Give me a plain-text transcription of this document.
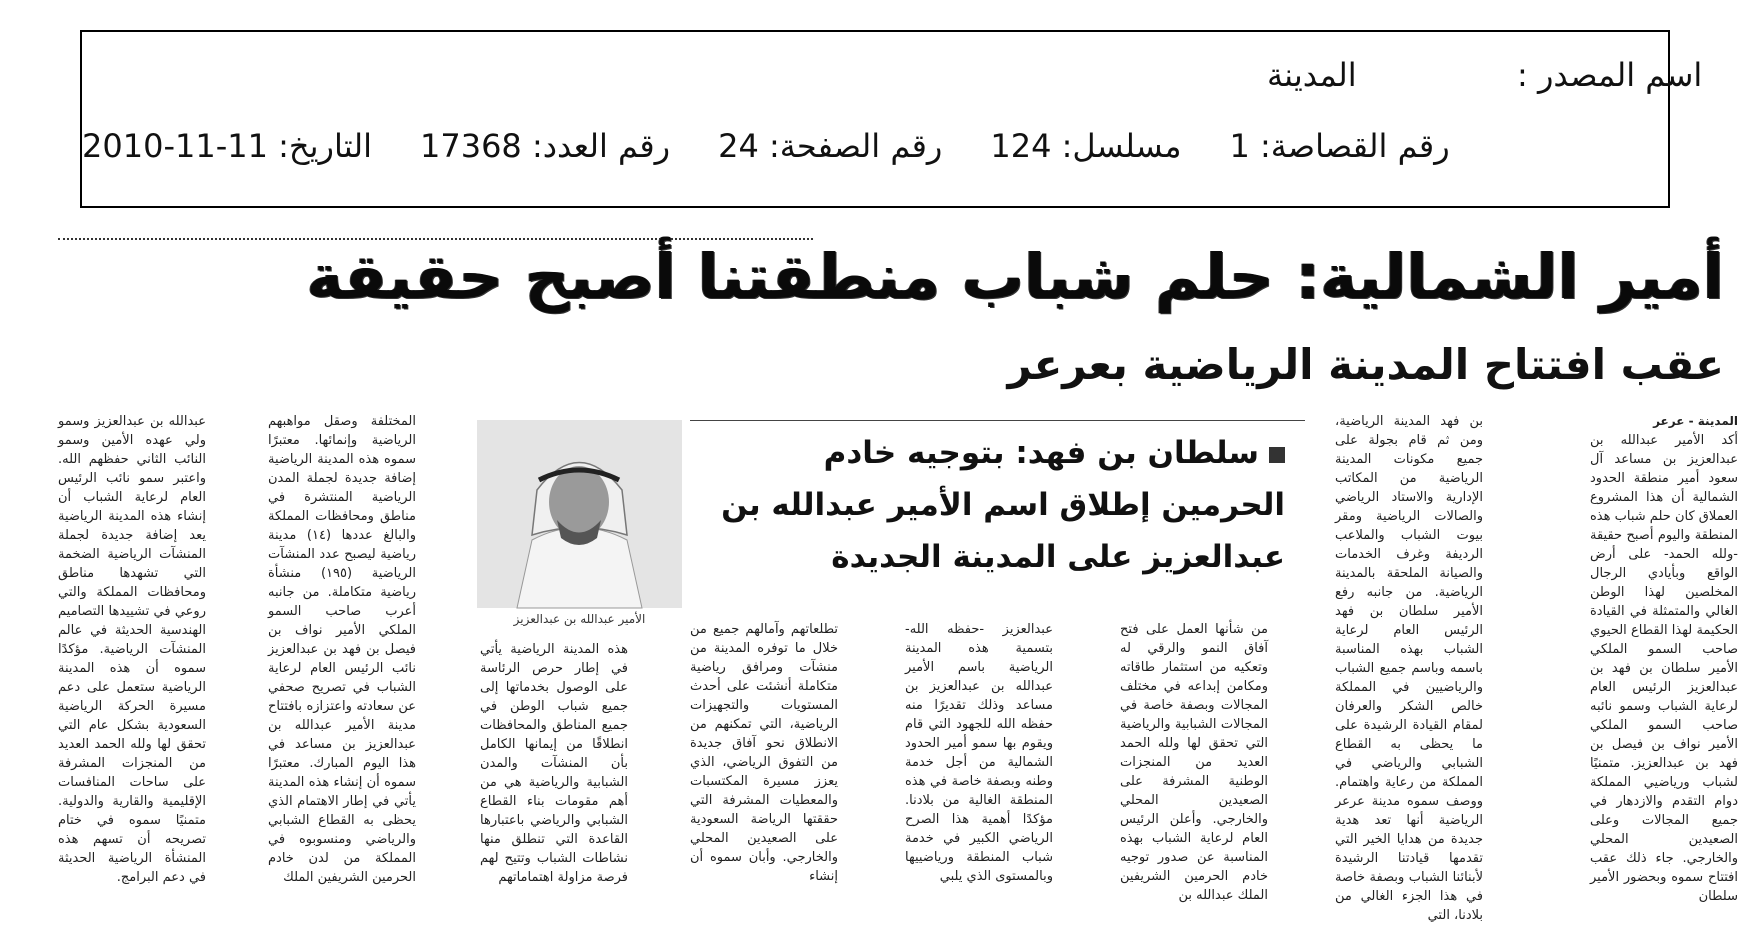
اسم المصدر :
المدينة
التاريخ: 11-11-2010 رقم العدد: 17368 رقم الصفحة: 24 مسلسل: 124 رقم القصاصة: 1
أمير الشمالية: حلم شباب منطقتنا أصبح حقيقة
عقب افتتاح المدينة الرياضية بعرعر

المدينة - عرعر

أكد الأمير عبدالله بن عبدالعزيز بن مساعد آل سعود أمير منطقة الحدود الشمالية أن هذا المشروع العملاق كان حلم شباب هذه المنطقة واليوم أصبح حقيقة -ولله الحمد- على أرض الواقع وبأيادي الرجال المخلصين لهذا الوطن الغالي والمتمثلة في القيادة الحكيمة لهذا القطاع الحيوي صاحب السمو الملكي الأمير سلطان بن فهد بن عبدالعزيز الرئيس العام لرعاية الشباب وسمو نائبه صاحب السمو الملكي الأمير نواف بن فيصل بن فهد بن عبدالعزيز. متمنيًا لشباب ورياضيي المملكة دوام التقدم والازدهار في جميع المجالات وعلى الصعيدين المحلي والخارجي. جاء ذلك عقب افتتاح سموه وبحضور الأمير سلطان

بن فهد المدينة الرياضية، ومن ثم قام بجولة على جميع مكونات المدينة الرياضية من المكاتب الإدارية والاستاد الرياضي والصالات الرياضية ومقر بيوت الشباب والملاعب الرديفة وغرف الخدمات والصيانة الملحقة بالمدينة الرياضية. من جانبه رفع الأمير سلطان بن فهد الرئيس العام لرعاية الشباب بهذه المناسبة باسمه وباسم جميع الشباب والرياضيين في المملكة خالص الشكر والعرفان لمقام القيادة الرشيدة على ما يحظى به القطاع الشبابي والرياضي في المملكة من رعاية واهتمام. ووصف سموه مدينة عرعر الرياضية أنها تعد هدية جديدة من هدايا الخير التي تقدمها قيادتنا الرشيدة لأبنائنا الشباب وبصفة خاصة في هذا الجزء الغالي من بلادنا، التي

من شأنها العمل على فتح آفاق النمو والرقي له وتعكيه من استثمار طاقاته ومكامن إبداعه في مختلف المجالات وبصفة خاصة في المجالات الشبابية والرياضية التي تحقق لها ولله الحمد العديد من المنجزات الوطنية المشرفة على الصعيدين المحلي والخارجي. وأعلن الرئيس العام لرعاية الشباب بهذه المناسبة عن صدور توجيه خادم الحرمين الشريفين الملك عبدالله بن

عبدالعزيز -حفظه الله- بتسمية هذه المدينة الرياضية باسم الأمير عبدالله بن عبدالعزيز بن مساعد وذلك تقديرًا منه حفظه الله للجهود التي قام ويقوم بها سمو أمير الحدود الشمالية من أجل خدمة وطنه وبصفة خاصة في هذه المنطقة الغالية من بلادنا. مؤكدًا أهمية هذا الصرح الرياضي الكبير في خدمة شباب المنطقة ورياضييها وبالمستوى الذي يلبي

تطلعاتهم وآمالهم جميع من خلال ما توفره المدينة من منشآت ومرافق رياضية متكاملة أنشئت على أحدث المستويات والتجهيزات الرياضية، التي تمكنهم من الانطلاق نحو آفاق جديدة من التفوق الرياضي، الذي يعزز مسيرة المكتسبات والمعطيات المشرفة التي حققتها الرياضة السعودية على الصعيدين المحلي والخارجي. وأبان سموه أن إنشاء

هذه المدينة الرياضية يأتي في إطار حرص الرئاسة على الوصول بخدماتها إلى جميع شباب الوطن في جميع المناطق والمحافظات انطلاقًا من إيمانها الكامل بأن المنشآت والمدن الشبابية والرياضية هي من أهم مقومات بناء القطاع الشبابي والرياضي باعتبارها القاعدة التي تنطلق منها نشاطات الشباب وتتيح لهم فرصة مزاولة اهتماماتهم

المختلفة وصقل مواهبهم الرياضية وإنمائها. معتبرًا سموه هذه المدينة الرياضية إضافة جديدة لجملة المدن الرياضية المنتشرة في مناطق ومحافظات المملكة والبالغ عددها (١٤) مدينة رياضية ليصبح عدد المنشآت الرياضية (١٩٥) منشأة رياضية متكاملة. من جانبه أعرب صاحب السمو الملكي الأمير نواف بن فيصل بن فهد بن عبدالعزيز نائب الرئيس العام لرعاية الشباب في تصريح صحفي عن سعادته واعتزازه بافتتاح مدينة الأمير عبدالله بن عبدالعزيز بن مساعد في هذا اليوم المبارك. معتبرًا سموه أن إنشاء هذه المدينة يأتي في إطار الاهتمام الذي يحظى به القطاع الشبابي والرياضي ومنسوبوه في المملكة من لدن خادم الحرمين الشريفين الملك

عبدالله بن عبدالعزيز وسمو ولي عهده الأمين وسمو النائب الثاني حفظهم الله. واعتبر سمو نائب الرئيس العام لرعاية الشباب أن إنشاء هذه المدينة الرياضية يعد إضافة جديدة لجملة المنشآت الرياضية الضخمة التي تشهدها مناطق ومحافظات المملكة والتي روعي في تشييدها التصاميم الهندسية الحديثة في عالم المنشآت الرياضية. مؤكدًا سموه أن هذه المدينة الرياضية ستعمل على دعم مسيرة الحركة الرياضية السعودية بشكل عام التي تحقق لها ولله الحمد العديد من المنجزات المشرفة على ساحات المنافسات الإقليمية والقارية والدولية. متمنيًا سموه في ختام تصريحه أن تسهم هذه المنشأة الرياضية الحديثة في دعم البرامج.

سلطان بن فهد: بتوجيه خادم الحرمين إطلاق اسم الأمير عبدالله بن عبدالعزيز على المدينة الجديدة
الأمير عبدالله بن عبدالعزيز
